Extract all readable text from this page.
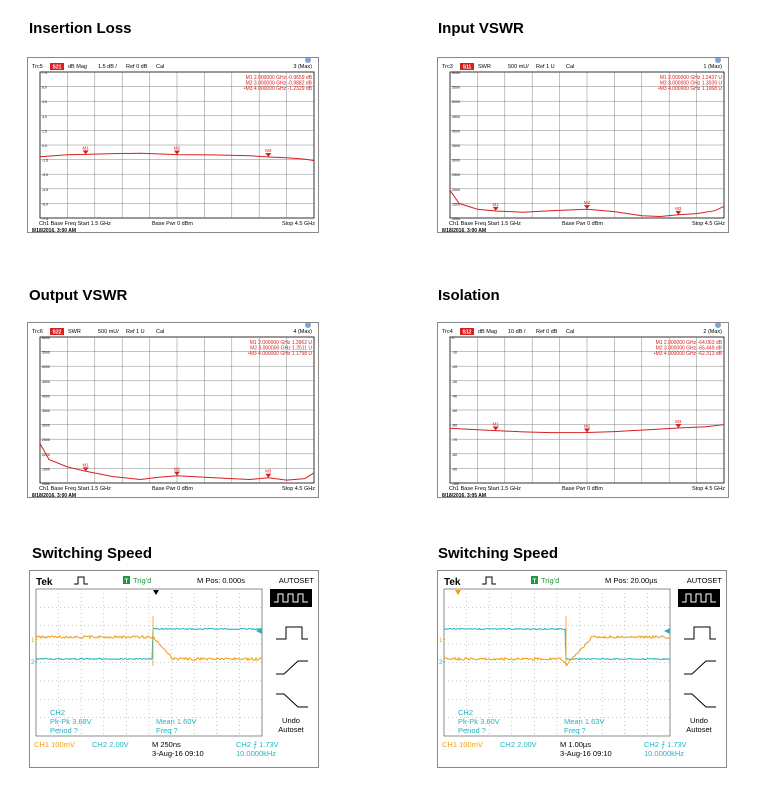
Insertion Loss	Input VSWR
Output VSWR	Isolation
Switching Speed	Switching Speed
Trc5 S21 dB Mag 1.5 dB / Ref 0 dB Cal	3 (Max)
7.5
6.0
4.5
3.0
1.5
0.0
-1.5
-3.0
-4.5
-6.0
-7.5
M1 2.000000 GHz -0.9659 dB
M2 3.000000 GHz -0.9882 dB
•M3 4.000000 GHz -1.2329 dB
M1	M2	M3
Ch1 Base Freq Start 1.5 GHz	Base Pwr 0 dBm	Stop 4.5 GHz
8/18/2016, 3:00 AM
Trc3 S11 SWR	500 mU/ Ref 1 U Cal	1 (Max)
6000
5500
5000
4500
4000
3500
3000
2500
2000
1500
1000
M1 2.000000 GHz 1.2437 U
M2 3.000000 GHz 1.3039 U
•M3 4.000000 GHz 1.1068 U
M1	M2
M3
Ch1 Base Freq Start 1.5 GHz	Base Pwr 0 dBm	Stop 4.5 GHz
8/18/2016, 3:00 AM
Trc6 S22 SWR	500 mU/ Ref 1 U Cal	4 (Max)
6000
5500
5000
4500
4000
3500
3000
2500
2000
1500
1000
M1 2.000000 GHz 1.3962 U
M2 3.000000 GHz 1.2511 U
•M3 4.000000 GHz 1.1798 U
M1
M2	M3
Ch1 Base Freq Start 1.5 GHz	Base Pwr 0 dBm	Stop 4.5 GHz
8/18/2016, 3:00 AM
Trc4 S12 dB Mag 10 dB / Ref 0 dB Cal	2 (Max)
0
-10
-20
-30
-40
-50
-60
-70
-80
-90
-100
M1 2.000000 GHz -64.063 dB
M2 3.000000 GHz -65.449 dB
•M3 4.000000 GHz -62.313 dB
M1	M2
M3
Ch1 Base Freq Start 1.5 GHz	Base Pwr 0 dBm	Stop 4.5 GHz
8/18/2016, 3:05 AM
Tek	T Trig'd	M Pos: 0.000s	AUTOSET
1+
2+
Undo
Autoset
CH2
Pk-Pk 3.68V
Period ?
Mean 1.60V
Freq ?
CH1 100mV CH2 2.00V	M 250ns
3-Aug-16 09:10
CH2 ⨍ 1.73V
10.0000kHz
Tek	T Trig'd	M Pos: 20.00µs	AUTOSET
1+
2+
Undo
Autoset
CH2
Pk-Pk 3.60V
Period ?
Mean 1.63V
Freq ?
CH1 100mV CH2 2.00V	M 1.00µs
3-Aug-16 09:10
CH2 ⨍ 1.73V
10.0000kHz
